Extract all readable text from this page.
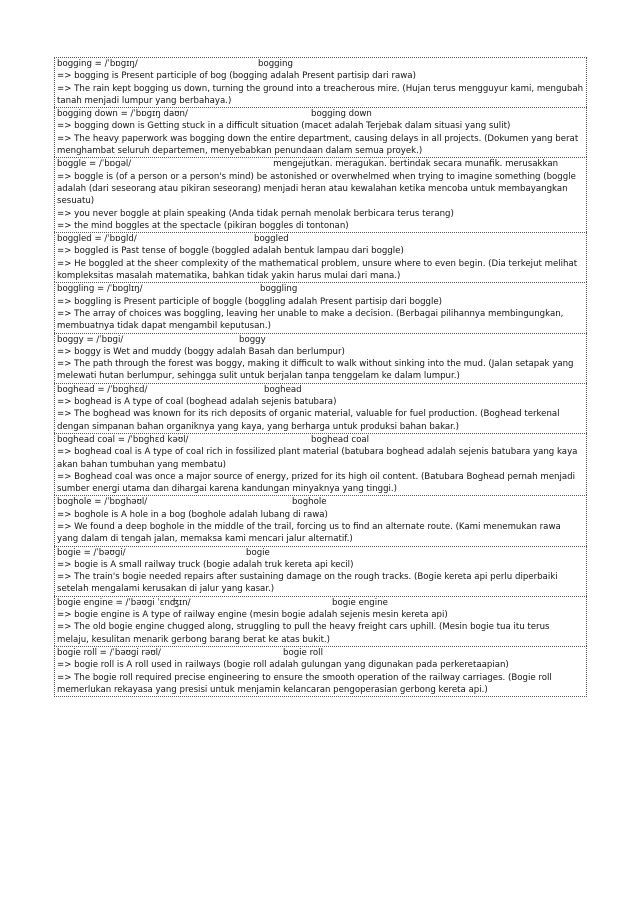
bogging = /ˈbɒɡɪŋ/	bogging
=> bogging is Present participle of bog (bogging adalah Present partisip dari rawa)
=> The rain kept bogging us down, turning the ground into a treacherous mire. (Hujan terus mengguyur kami, mengubah tanah menjadi lumpur yang berbahaya.)
bogging down = /ˈbɒɡɪŋ daʊn/	bogging down
=> bogging down is Getting stuck in a difficult situation (macet adalah Terjebak dalam situasi yang sulit)
=> The heavy paperwork was bogging down the entire department, causing delays in all projects. (Dokumen yang berat menghambat seluruh departemen, menyebabkan penundaan dalam semua proyek.)
boggle = /ˈbɒɡəl/	mengejutkan. meragukan. bertindak secara munafik. merusakkan
=> boggle is (of a person or a person's mind) be astonished or overwhelmed when trying to imagine something (boggle adalah (dari seseorang atau pikiran seseorang) menjadi heran atau kewalahan ketika mencoba untuk membayangkan sesuatu)
=> you never boggle at plain speaking (Anda tidak pernah menolak berbicara terus terang)
=> the mind boggles at the spectacle (pikiran boggles di tontonan)
boggled = /ˈbɒɡld/	boggled
=> boggled is Past tense of boggle (boggled adalah bentuk lampau dari boggle)
=> He boggled at the sheer complexity of the mathematical problem, unsure where to even begin. (Dia terkejut melihat kompleksitas masalah matematika, bahkan tidak yakin harus mulai dari mana.)
boggling = /ˈbɒɡlɪŋ/	boggling
=> boggling is Present participle of boggle (boggling adalah Present partisip dari boggle)
=> The array of choices was boggling, leaving her unable to make a decision. (Berbagai pilihannya membingungkan, membuatnya tidak dapat mengambil keputusan.)
boggy = /ˈbɒɡi/	boggy
=> boggy is Wet and muddy (boggy adalah Basah dan berlumpur)
=> The path through the forest was boggy, making it difficult to walk without sinking into the mud. (Jalan setapak yang melewati hutan berlumpur, sehingga sulit untuk berjalan tanpa tenggelam ke dalam lumpur.)
boghead = /ˈbɒɡhɛd/	boghead
=> boghead is A type of coal (boghead adalah sejenis batubara)
=> The boghead was known for its rich deposits of organic material, valuable for fuel production. (Boghead terkenal dengan simpanan bahan organiknya yang kaya, yang berharga untuk produksi bahan bakar.)
boghead coal = /ˈbɒɡhɛd kəʊl/	boghead coal
=> boghead coal is A type of coal rich in fossilized plant material (batubara boghead adalah sejenis batubara yang kaya akan bahan tumbuhan yang membatu)
=> Boghead coal was once a major source of energy, prized for its high oil content. (Batubara Boghead pernah menjadi sumber energi utama dan dihargai karena kandungan minyaknya yang tinggi.)
boghole = /ˈbɒɡhəʊl/	boghole
=> boghole is A hole in a bog (boghole adalah lubang di rawa)
=> We found a deep boghole in the middle of the trail, forcing us to find an alternate route. (Kami menemukan rawa yang dalam di tengah jalan, memaksa kami mencari jalur alternatif.)
bogie = /ˈbəʊɡi/	bogie
=> bogie is A small railway truck (bogie adalah truk kereta api kecil)
=> The train's bogie needed repairs after sustaining damage on the rough tracks. (Bogie kereta api perlu diperbaiki setelah mengalami kerusakan di jalur yang kasar.)
bogie engine = /ˈbəʊɡi ˈɛnʤɪn/	bogie engine
=> bogie engine is A type of railway engine (mesin bogie adalah sejenis mesin kereta api)
=> The old bogie engine chugged along, struggling to pull the heavy freight cars uphill. (Mesin bogie tua itu terus melaju, kesulitan menarik gerbong barang berat ke atas bukit.)
bogie roll = /ˈbəʊɡi rəʊl/	bogie roll
=> bogie roll is A roll used in railways (bogie roll adalah gulungan yang digunakan pada perkeretaapian)
=> The bogie roll required precise engineering to ensure the smooth operation of the railway carriages. (Bogie roll memerlukan rekayasa yang presisi untuk menjamin kelancaran pengoperasian gerbong kereta api.)
